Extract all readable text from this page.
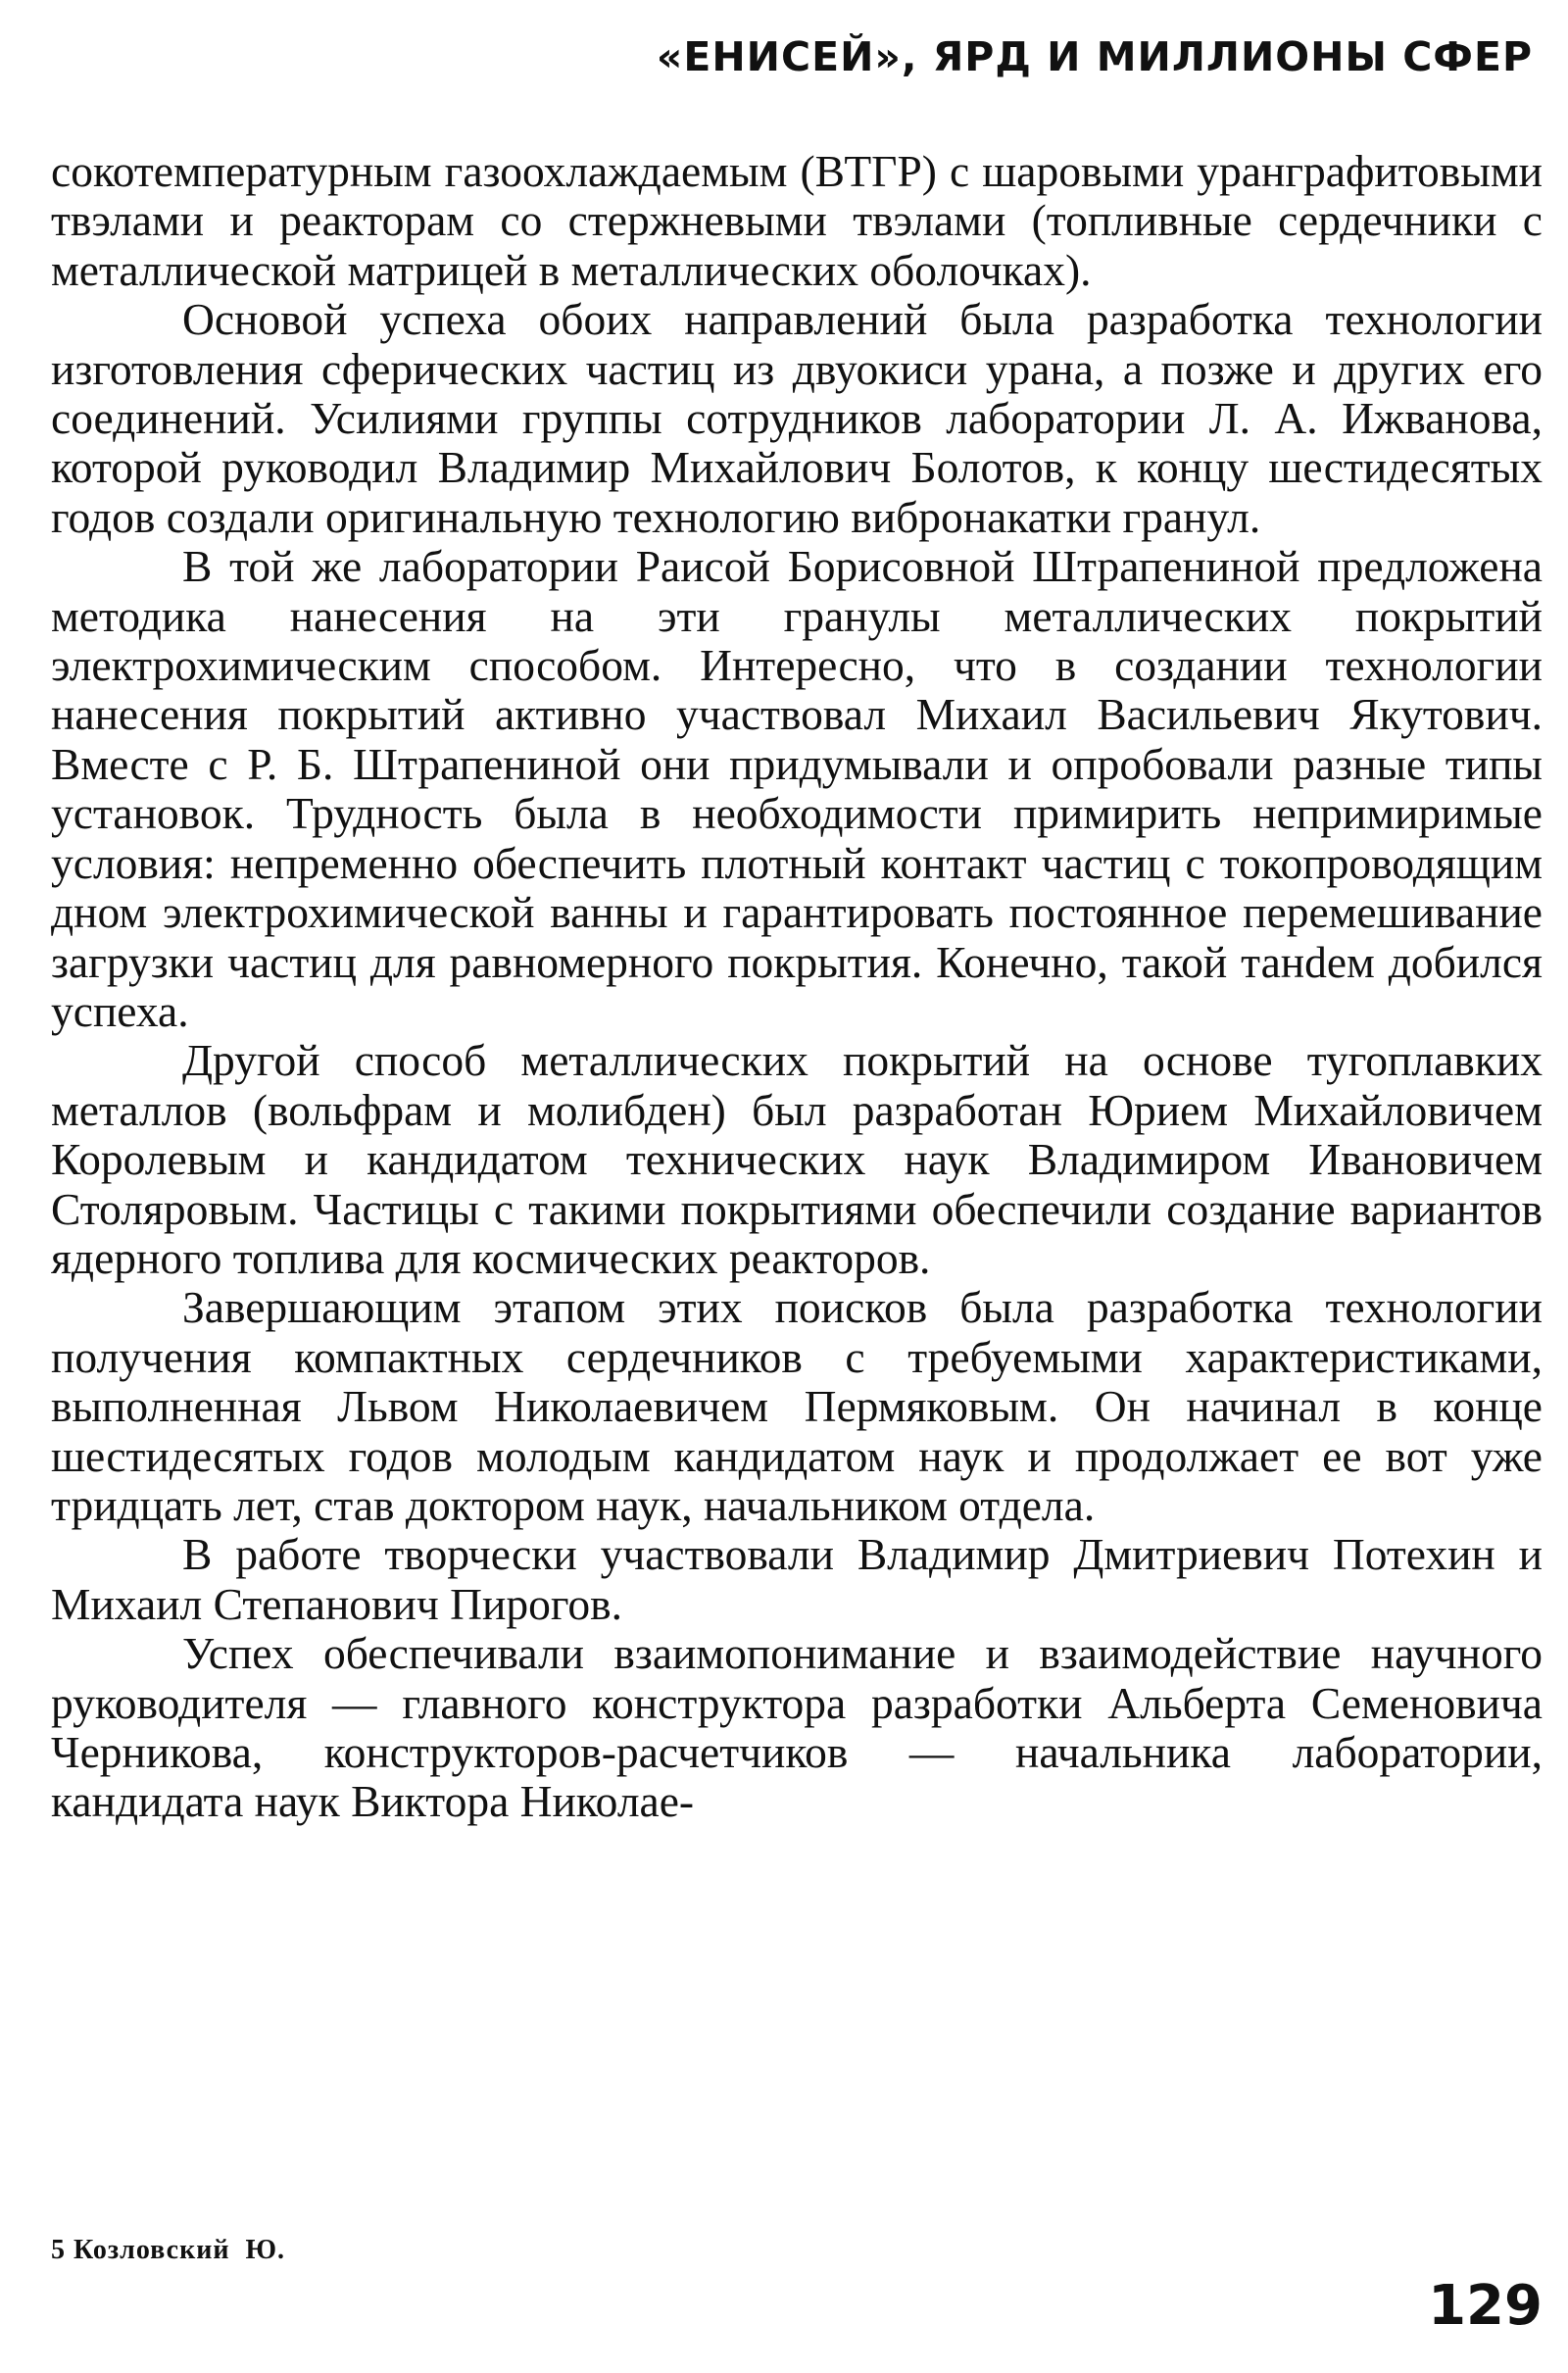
«ЕНИСЕЙ», ЯРД И МИЛЛИОНЫ СФЕР

сокотемпературным газоохлаждаемым (ВТГР) с шаровыми уранграфитовыми твэлами и реакторам со стержневыми твэлами (топливные сердечники с металлической матрицей в металлических оболочках).

Основой успеха обоих направлений была разработка технологии изготовления сферических частиц из двуокиси урана, а позже и других его соединений. Усилиями группы сотрудников лаборатории Л. А. Ижванова, которой руководил Владимир Михайлович Болотов, к концу шестидесятых годов создали оригинальную технологию вибронакатки гранул.

В той же лаборатории Раисой Борисовной Штрапениной предложена методика нанесения на эти гранулы металлических покрытий электрохимическим способом. Интересно, что в создании технологии нанесения покрытий активно участвовал Михаил Васильевич Якутович. Вместе с Р. Б. Штрапениной они придумывали и опробовали разные типы установок. Трудность была в необходимости примирить непримиримые условия: непременно обеспечить плотный контакт частиц с токопроводящим дном электрохимической ванны и гарантировать постоянное перемешивание загрузки частиц для равномерного покрытия. Конечно, такой танdем добился успеха.

Другой способ металлических покрытий на основе тугоплавких металлов (вольфрам и молибден) был разработан Юрием Михайловичем Королевым и кандидатом технических наук Владимиром Ивановичем Столяровым. Частицы с такими покрытиями обеспечили создание вариантов ядерного топлива для космических реакторов.

Завершающим этапом этих поисков была разработка технологии получения компактных сердечников с требуемыми характеристиками, выполненная Львом Николаевичем Пермяковым. Он начинал в конце шестидесятых годов молодым кандидатом наук и продолжает ее вот уже тридцать лет, став доктором наук, начальником отдела.

В работе творчески участвовали Владимир Дмитриевич Потехин и Михаил Степанович Пирогов.

Успех обеспечивали взаимопонимание и взаимодействие научного руководителя — главного конструктора разработки Альберта Семеновича Черникова, конструкторов-расчетчиков — начальника лаборатории, кандидата наук Виктора Николае-

5 Козловский  Ю.
129
